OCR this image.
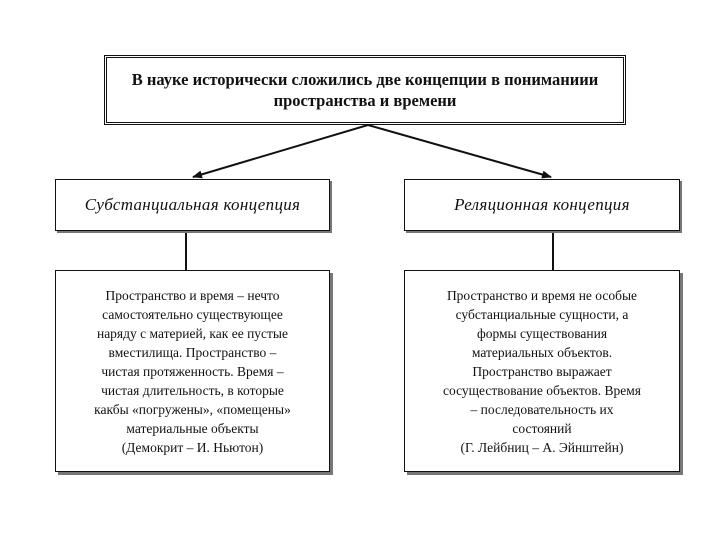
В науке исторически сложились две концепции в пониманиии пространства и времени
Субстанциальная концепция	Реляционная концепция
Пространство и время – нечто
самостоятельно существующее
наряду с материей, как ее пустые
вместилища. Пространство –
чистая протяженность. Время –
чистая длительность, в которые
какбы «погружены», «помещены»
материальные объекты
(Демокрит – И. Ньютон)
Пространство и время не особые
субстанциальные сущности, а
формы существования
материальных объектов.
Пространство выражает
сосуществование объектов. Время
– последовательность их
состояний
(Г. Лейбниц – А. Эйнштейн)
